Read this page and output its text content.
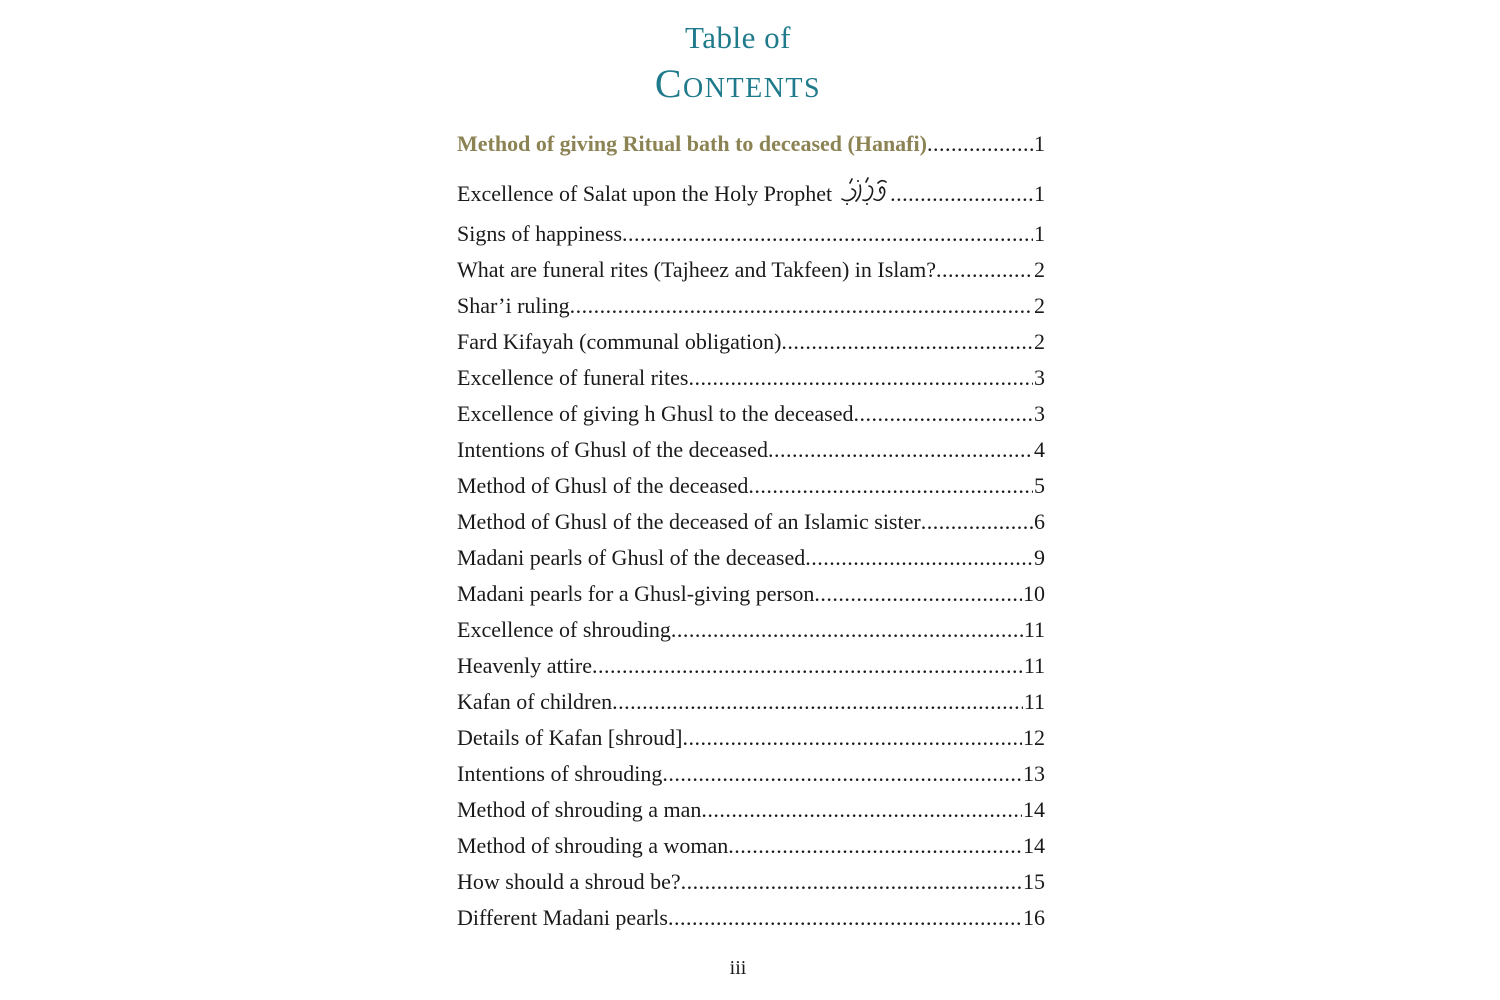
Table of
Contents
Method of giving Ritual bath to deceased (Hanafi) .....	1
Excellence of Salat upon the Holy Prophet .....	1
Signs of happiness .....	1
What are funeral rites (Tajheez and Takfeen) in Islam? .....	2
Shar’i ruling .....	2
Fard Kifayah (communal obligation) .....	2
Excellence of funeral rites .....	3
Excellence of giving h Ghusl to the deceased .....	3
Intentions of Ghusl of the deceased .....	4
Method of Ghusl of the deceased .....	5
Method of Ghusl of the deceased of an Islamic sister .....	6
Madani pearls of Ghusl of the deceased .....	9
Madani pearls for a Ghusl-giving person .....	10
Excellence of shrouding .....	11
Heavenly attire .....	11
Kafan of children .....	11
Details of Kafan [shroud] .....	12
Intentions of shrouding .....	13
Method of shrouding a man .....	14
Method of shrouding a woman .....	14
How should a shroud be? .....	15
Different Madani pearls .....	16
iii
